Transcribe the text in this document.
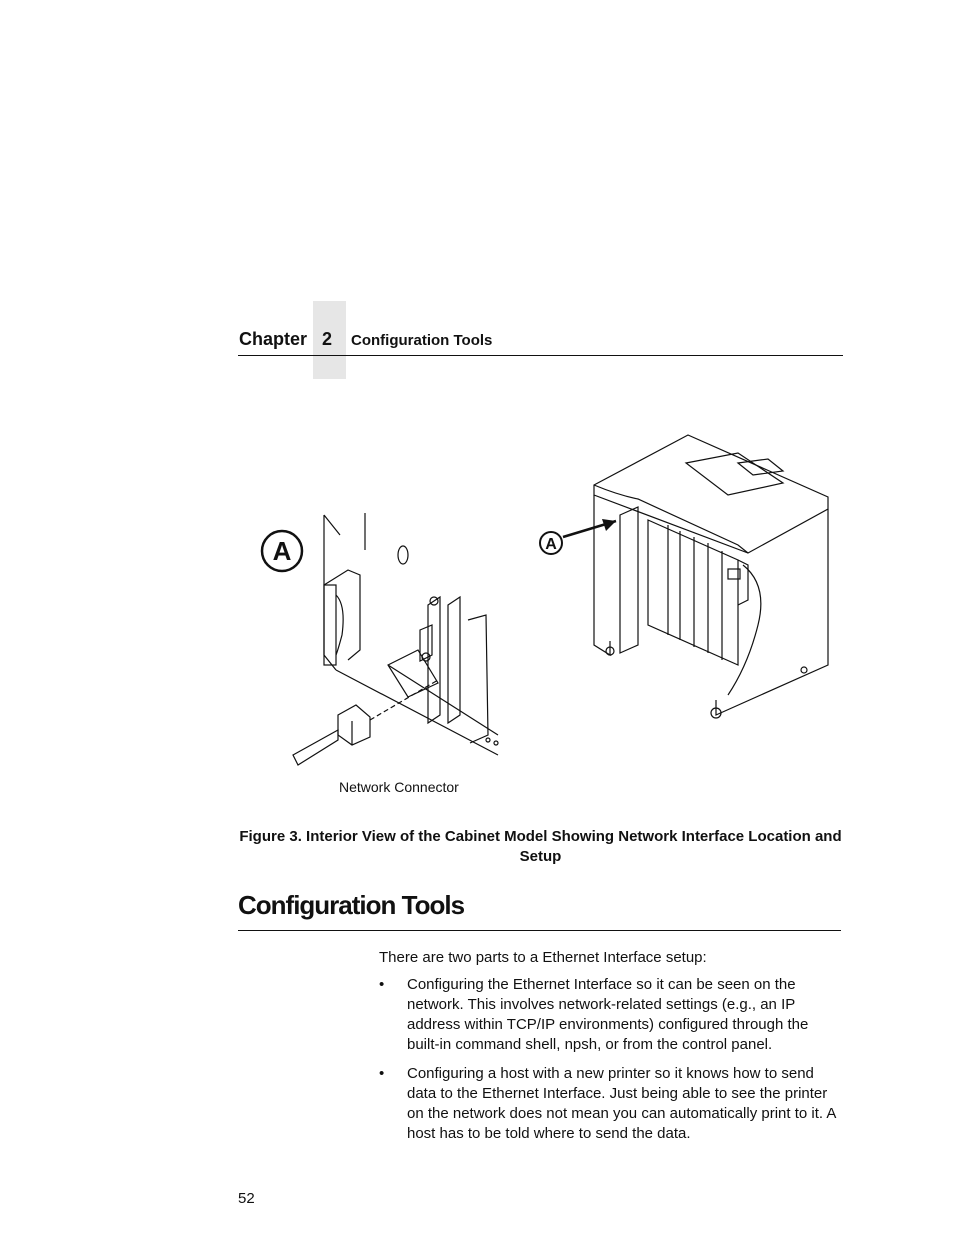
Chapter 2 Configuration Tools
A	A
Network Connector
Figure 3. Interior View of the Cabinet Model Showing Network Interface Location and Setup
Configuration Tools
There are two parts to a Ethernet Interface setup:
• Configuring the Ethernet Interface so it can be seen on the network. This involves network-related settings (e.g., an IP address within TCP/IP environments) configured through the built-in command shell, npsh, or from the control panel.
• Configuring a host with a new printer so it knows how to send data to the Ethernet Interface. Just being able to see the printer on the network does not mean you can automatically print to it. A host has to be told where to send the data.
52
